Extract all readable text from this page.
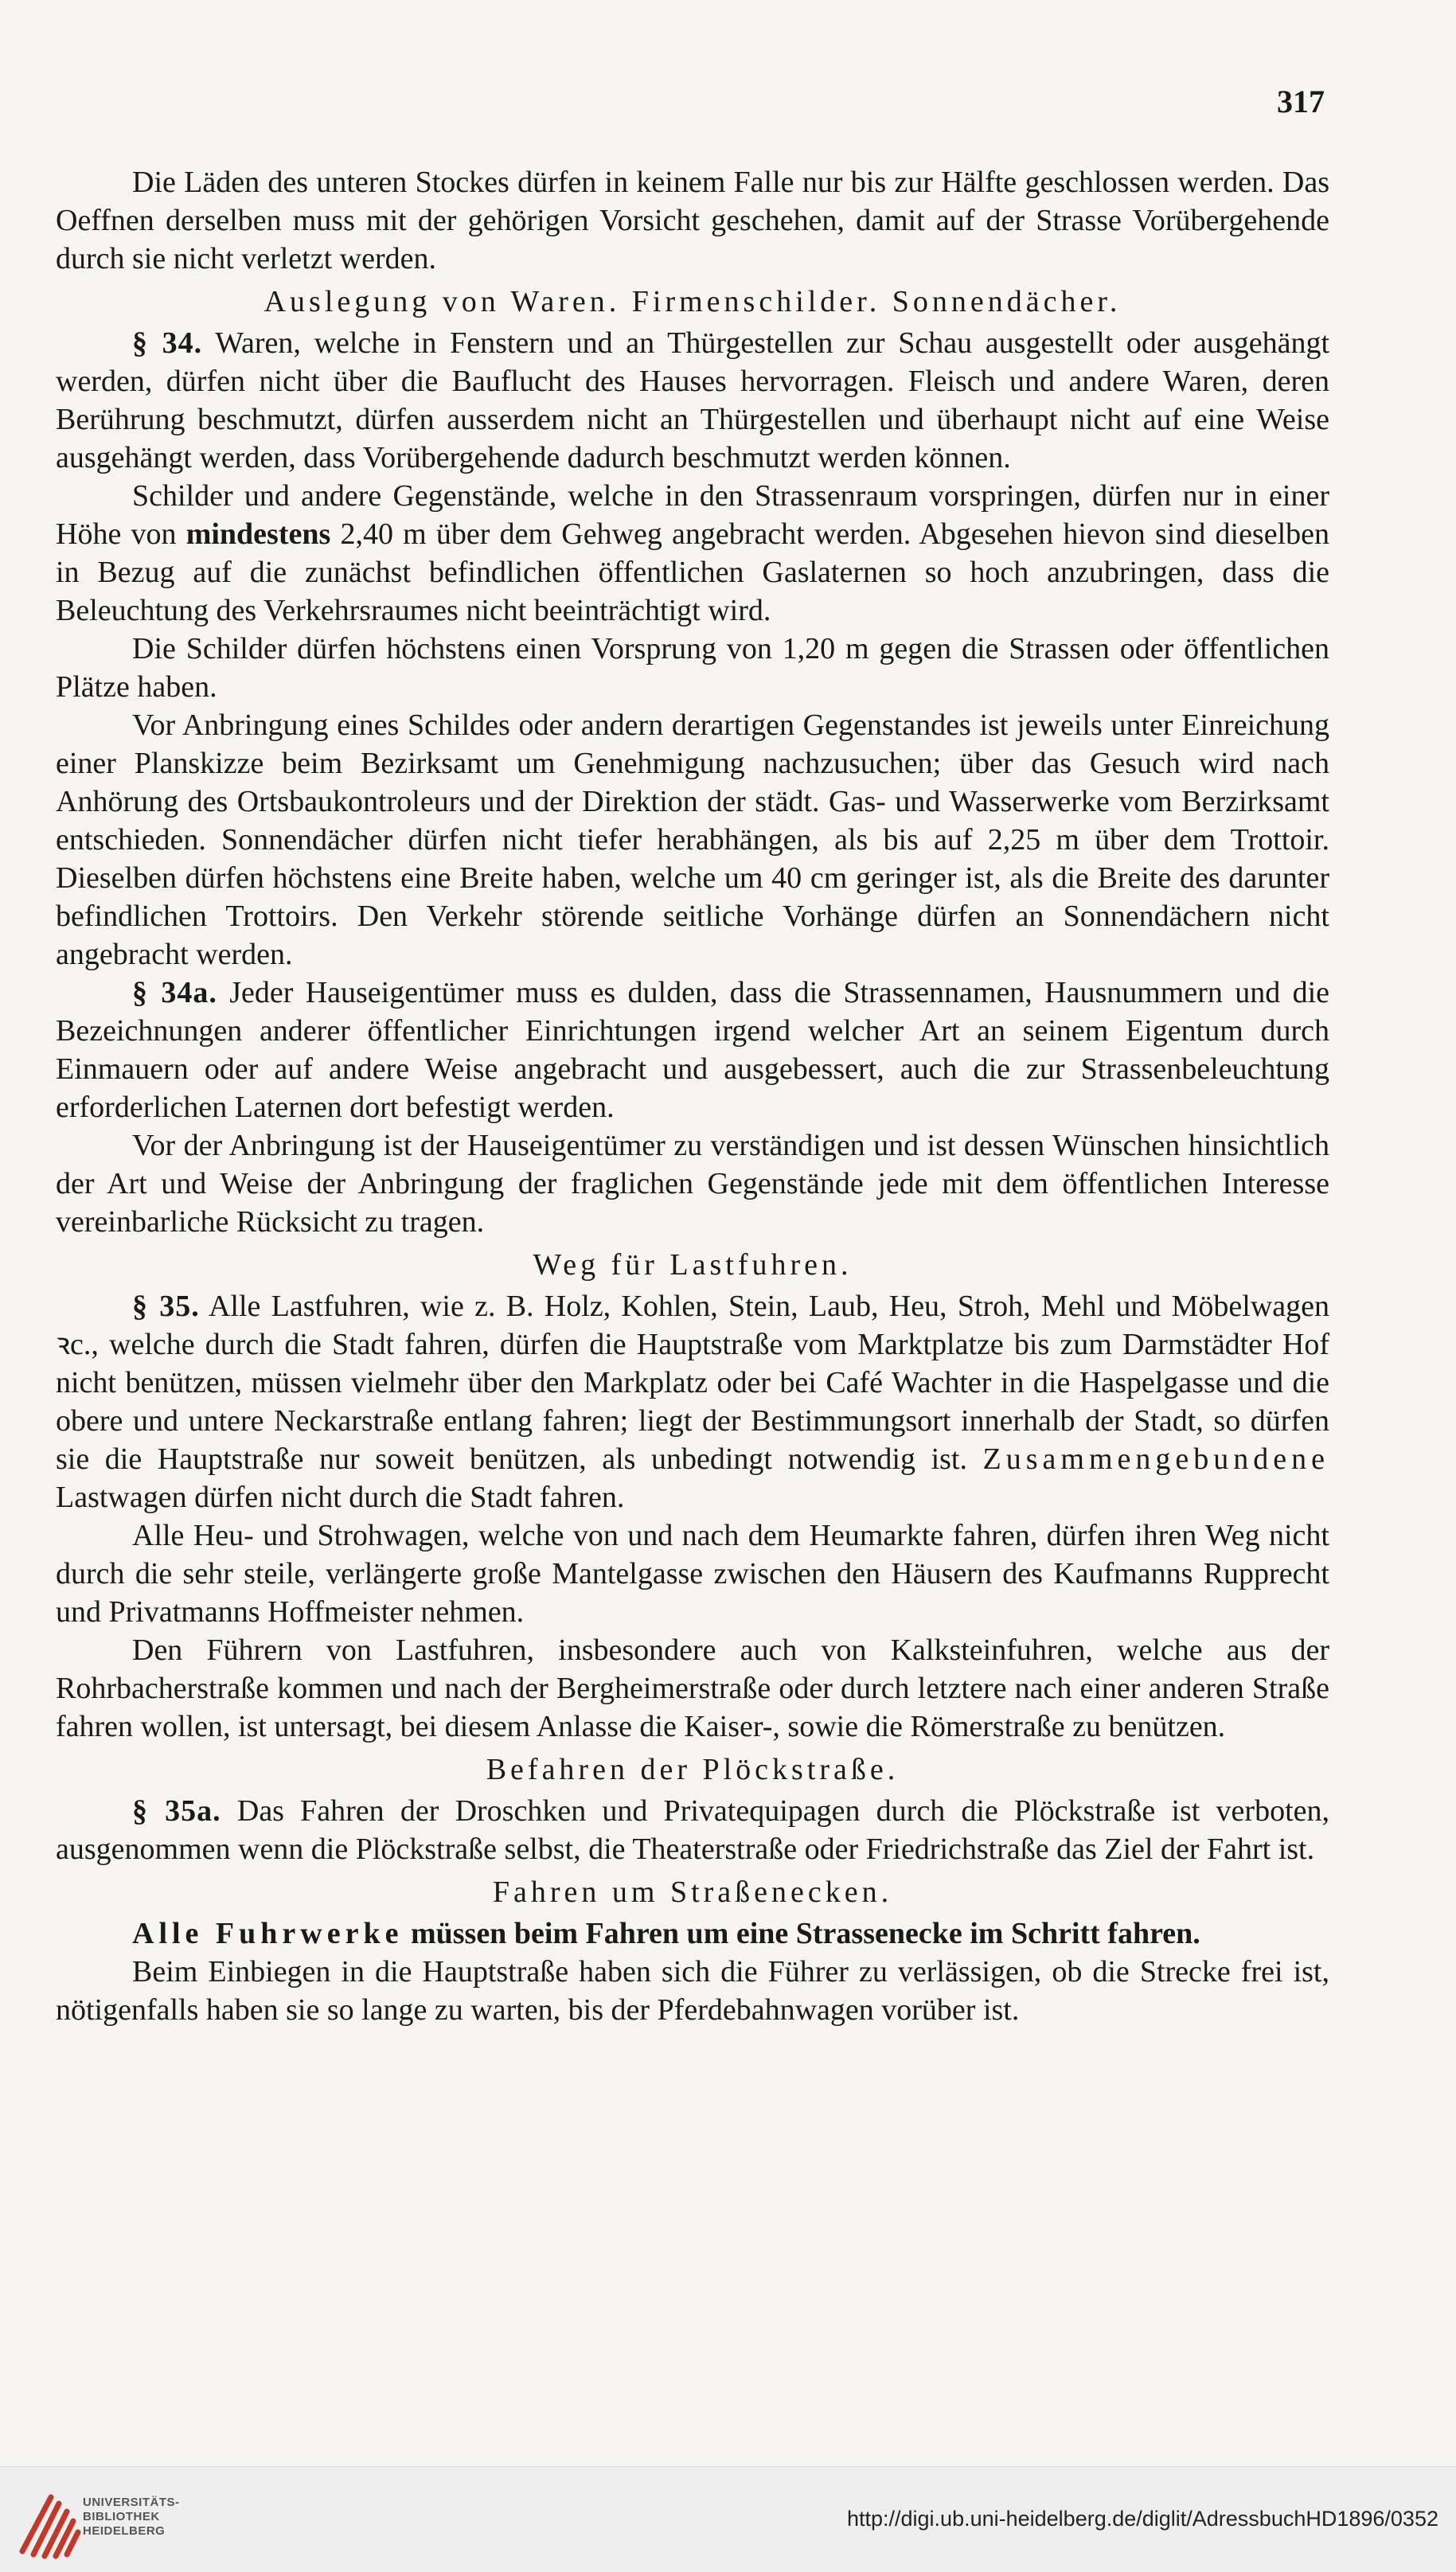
317

Die Läden des unteren Stockes dürfen in keinem Falle nur bis zur Hälfte geschlossen werden. Das Oeffnen derselben muss mit der gehörigen Vorsicht geschehen, damit auf der Strasse Vorübergehende durch sie nicht verletzt werden.

Auslegung von Waren. Firmenschilder. Sonnendächer.

§ 34. Waren, welche in Fenstern und an Thürgestellen zur Schau ausgestellt oder ausgehängt werden, dürfen nicht über die Bauflucht des Hauses hervorragen. Fleisch und andere Waren, deren Berührung beschmutzt, dürfen ausserdem nicht an Thürgestellen und überhaupt nicht auf eine Weise ausgehängt werden, dass Vorübergehende dadurch beschmutzt werden können.

Schilder und andere Gegenstände, welche in den Strassenraum vorspringen, dürfen nur in einer Höhe von mindestens 2,40 m über dem Gehweg angebracht werden. Abgesehen hievon sind dieselben in Bezug auf die zunächst befindlichen öffentlichen Gaslaternen so hoch anzubringen, dass die Beleuchtung des Verkehrsraumes nicht beeinträchtigt wird.

Die Schilder dürfen höchstens einen Vorsprung von 1,20 m gegen die Strassen oder öffentlichen Plätze haben.

Vor Anbringung eines Schildes oder andern derartigen Gegenstandes ist jeweils unter Einreichung einer Planskizze beim Bezirksamt um Genehmigung nachzusuchen; über das Gesuch wird nach Anhörung des Ortsbaukontroleurs und der Direktion der städt. Gas- und Wasserwerke vom Berzirksamt entschieden. Sonnendächer dürfen nicht tiefer herabhängen, als bis auf 2,25 m über dem Trottoir. Dieselben dürfen höchstens eine Breite haben, welche um 40 cm geringer ist, als die Breite des darunter befindlichen Trottoirs. Den Verkehr störende seitliche Vorhänge dürfen an Sonnendächern nicht angebracht werden.

§ 34a. Jeder Hauseigentümer muss es dulden, dass die Strassennamen, Hausnummern und die Bezeichnungen anderer öffentlicher Einrichtungen irgend welcher Art an seinem Eigentum durch Einmauern oder auf andere Weise angebracht und ausgebessert, auch die zur Strassenbeleuchtung erforderlichen Laternen dort befestigt werden.

Vor der Anbringung ist der Hauseigentümer zu verständigen und ist dessen Wünschen hinsichtlich der Art und Weise der Anbringung der fraglichen Gegenstände jede mit dem öffentlichen Interesse vereinbarliche Rücksicht zu tragen.

Weg für Lastfuhren.

§ 35. Alle Lastfuhren, wie z. B. Holz, Kohlen, Stein, Laub, Heu, Stroh, Mehl und Möbelwagen ꝛc., welche durch die Stadt fahren, dürfen die Hauptstraße vom Marktplatze bis zum Darmstädter Hof nicht benützen, müssen vielmehr über den Markplatz oder bei Café Wachter in die Haspelgasse und die obere und untere Neckarstraße entlang fahren; liegt der Bestimmungsort innerhalb der Stadt, so dürfen sie die Hauptstraße nur soweit benützen, als unbedingt notwendig ist. Zusammengebundene Lastwagen dürfen nicht durch die Stadt fahren.

Alle Heu- und Strohwagen, welche von und nach dem Heumarkte fahren, dürfen ihren Weg nicht durch die sehr steile, verlängerte große Mantelgasse zwischen den Häusern des Kaufmanns Rupprecht und Privatmanns Hoffmeister nehmen.

Den Führern von Lastfuhren, insbesondere auch von Kalksteinfuhren, welche aus der Rohrbacherstraße kommen und nach der Bergheimerstraße oder durch letztere nach einer anderen Straße fahren wollen, ist untersagt, bei diesem Anlasse die Kaiser-, sowie die Römerstraße zu benützen.

Befahren der Plöckstraße.

§ 35a. Das Fahren der Droschken und Privatequipagen durch die Plöckstraße ist verboten, ausgenommen wenn die Plöckstraße selbst, die Theaterstraße oder Friedrichstraße das Ziel der Fahrt ist.

Fahren um Straßenecken.

Alle Fuhrwerke müssen beim Fahren um eine Strassenecke im Schritt fahren.

Beim Einbiegen in die Hauptstraße haben sich die Führer zu verlässigen, ob die Strecke frei ist, nötigenfalls haben sie so lange zu warten, bis der Pferdebahnwagen vorüber ist.

UNIVERSITÄTS-
BIBLIOTHEK
HEIDELBERG
http://digi.ub.uni-heidelberg.de/diglit/AdressbuchHD1896/0352
